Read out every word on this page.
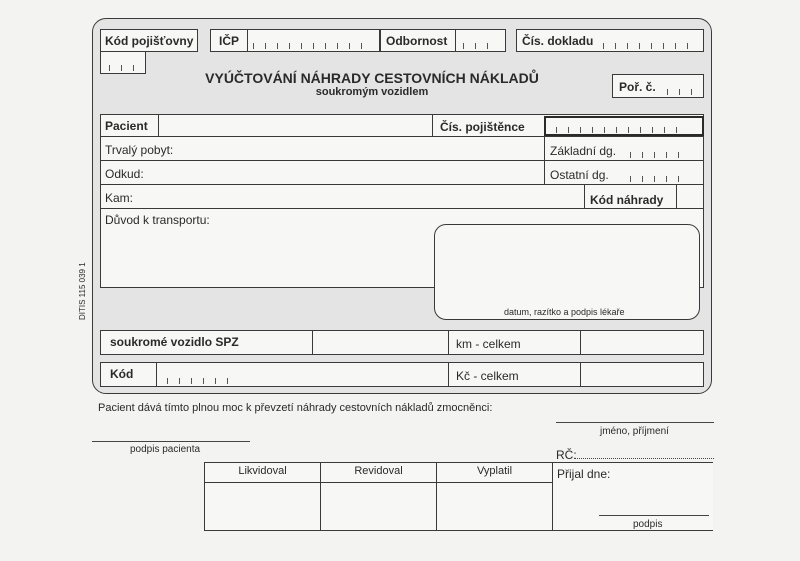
Kód pojišťovny IČP	Odbornost	Čís. dokladu
VYÚČTOVÁNÍ NÁHRADY CESTOVNÍCH NÁKLADŮ
soukromým vozidlem	Poř. č.
Pacient	Čís. pojištěnce
Trvalý pobyt:	Základní dg.
Odkud:	Ostatní dg.
Kam:	Kód náhrady
Důvod k transportu:
datum, razítko a podpis lékaře
soukromé vozidlo SPZ	km - celkem
Kód	Kč - celkem
DITIS 115 039 1
Pacient dává tímto plnou moc k převzetí náhrady cestovních nákladů zmocněnci:
jméno, příjmení
podpis pacienta	RČ:
Likvidoval	Revidoval	Vyplatil	Přijal dne:
podpis
